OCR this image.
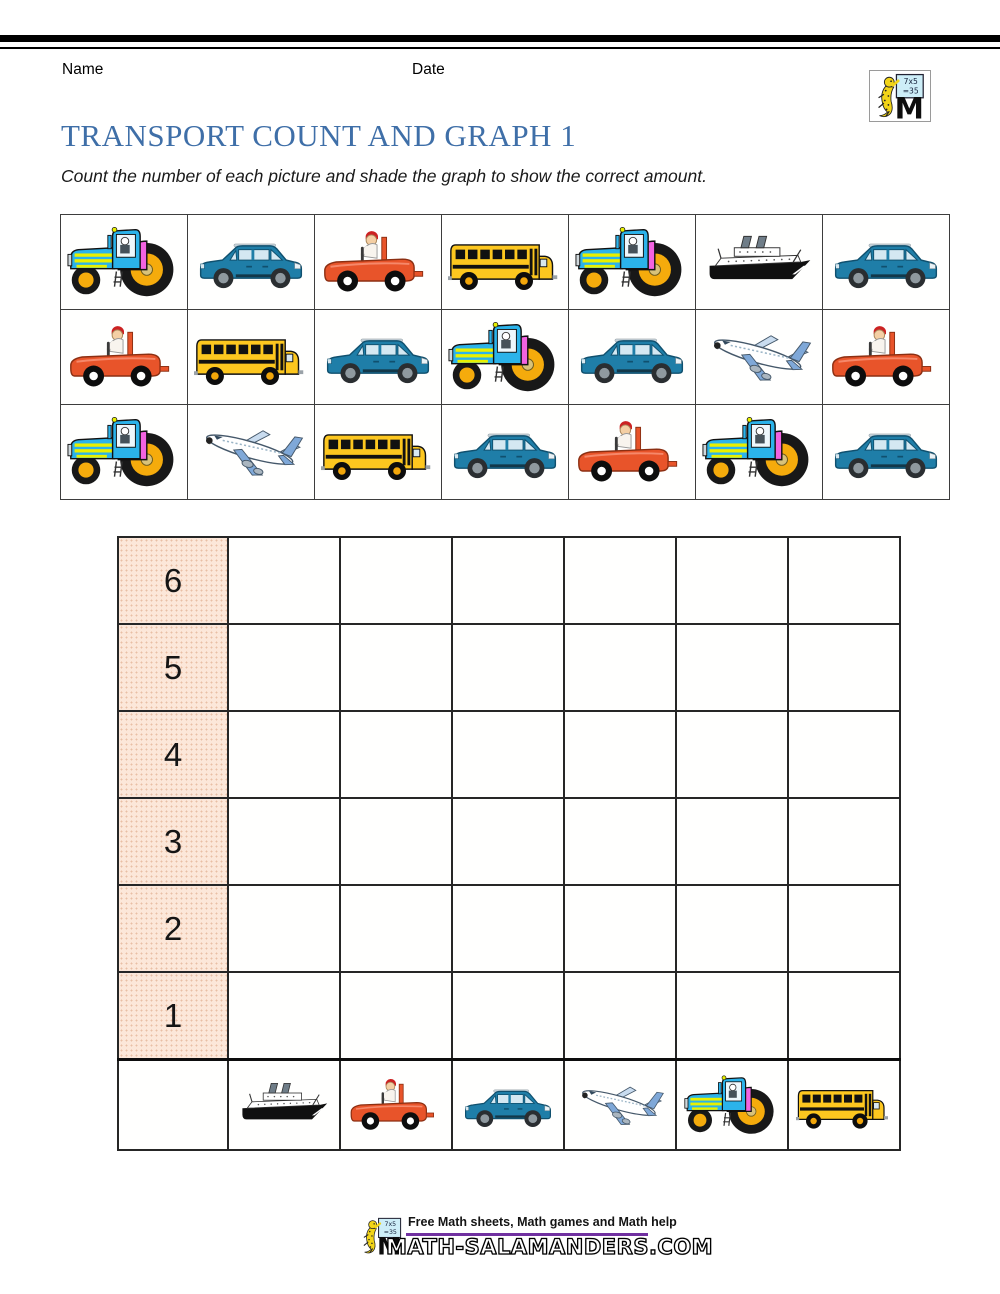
Name	Date
TRANSPORT COUNT AND GRAPH 1

Count the number of each picture and shade the graph to show the correct amount.

6						
5						
4						
3						
2						
1						

Free Math sheets, Math games and Math help
MATH-SALAMANDERS.COM
